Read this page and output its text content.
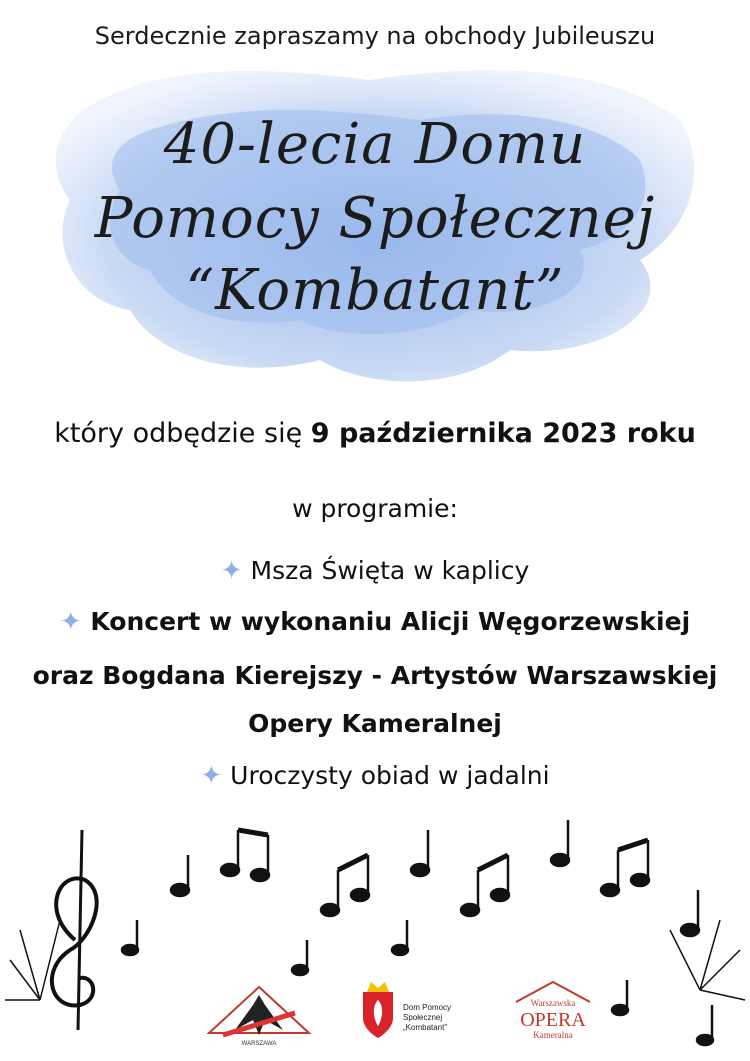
Serdecznie zapraszamy na obchody Jubileuszu
40-lecia Domu
Pomocy Społecznej
“Kombatant”
który odbędzie się 9 października 2023 roku
w programie:
✦ Msza Święta w kaplicy
✦ Koncert w wykonaniu Alicji Węgorzewskiej
oraz Bogdana Kierejszy - Artystów Warszawskiej
Opery Kameralnej
✦ Uroczysty obiad w jadalni
WARSZAWA
Dom Pomocy
Społecznej
„Kombatant”
Warszawska
OPERA
Kameralna
